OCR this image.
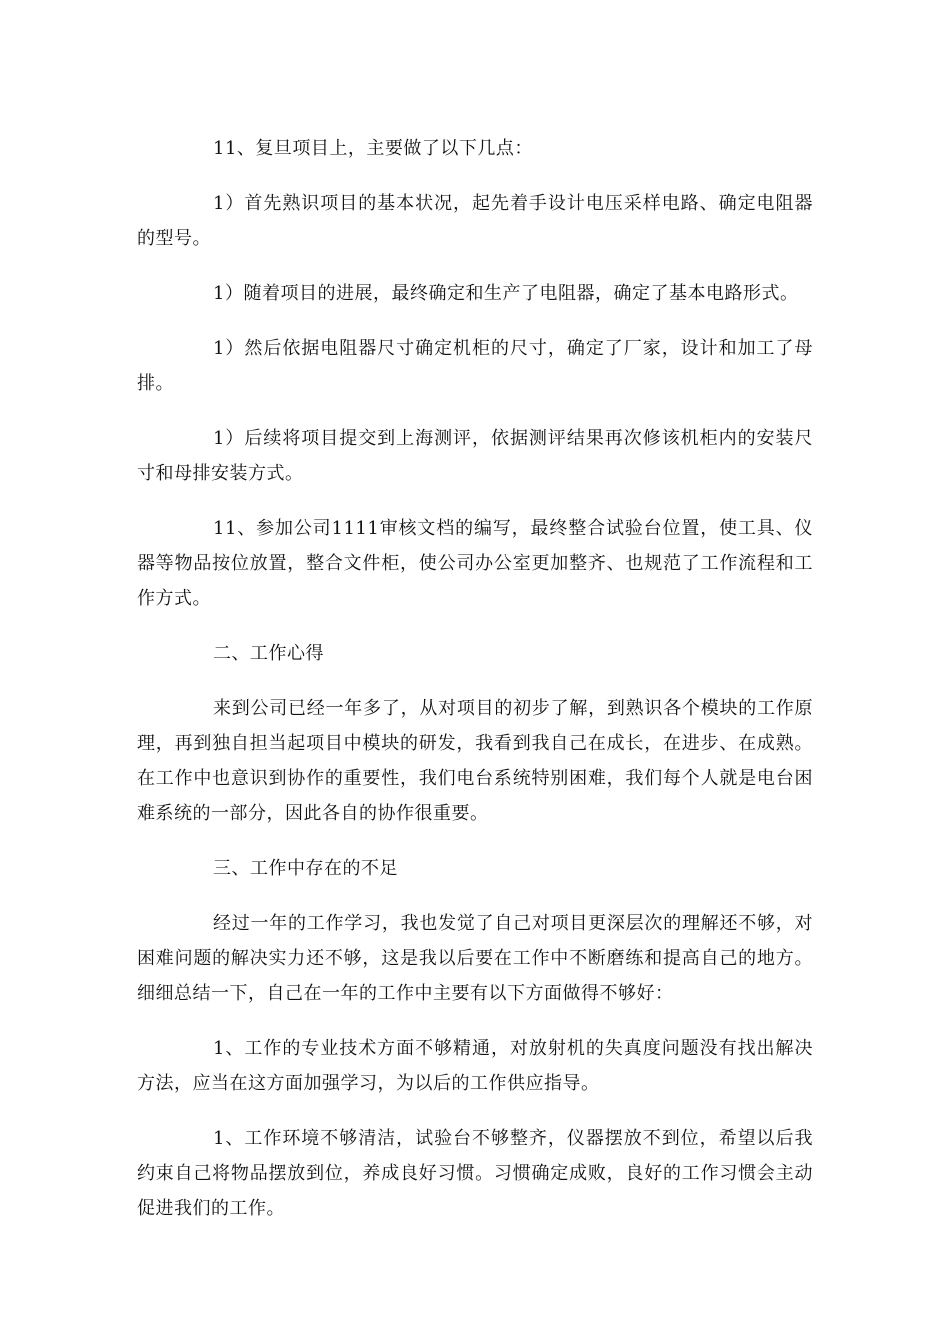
11、复旦项目上，主要做了以下几点：

1）首先熟识项目的基本状况，起先着手设计电压采样电路、确定电阻器的型号。

1）随着项目的进展，最终确定和生产了电阻器，确定了基本电路形式。

1）然后依据电阻器尺寸确定机柜的尺寸，确定了厂家，设计和加工了母排。

1）后续将项目提交到上海测评，依据测评结果再次修该机柜内的安装尺寸和母排安装方式。

11、参加公司1111审核文档的编写，最终整合试验台位置，使工具、仪器等物品按位放置，整合文件柜，使公司办公室更加整齐、也规范了工作流程和工作方式。

二、工作心得

来到公司已经一年多了，从对项目的初步了解，到熟识各个模块的工作原理，再到独自担当起项目中模块的研发，我看到我自己在成长，在进步、在成熟。在工作中也意识到协作的重要性，我们电台系统特别困难，我们每个人就是电台困难系统的一部分，因此各自的协作很重要。

三、工作中存在的不足

经过一年的工作学习，我也发觉了自己对项目更深层次的理解还不够，对困难问题的解决实力还不够，这是我以后要在工作中不断磨练和提高自己的地方。细细总结一下，自己在一年的工作中主要有以下方面做得不够好：

1、工作的专业技术方面不够精通，对放射机的失真度问题没有找出解决方法，应当在这方面加强学习，为以后的工作供应指导。

1、工作环境不够清洁，试验台不够整齐，仪器摆放不到位，希望以后我约束自己将物品摆放到位，养成良好习惯。习惯确定成败，良好的工作习惯会主动促进我们的工作。
